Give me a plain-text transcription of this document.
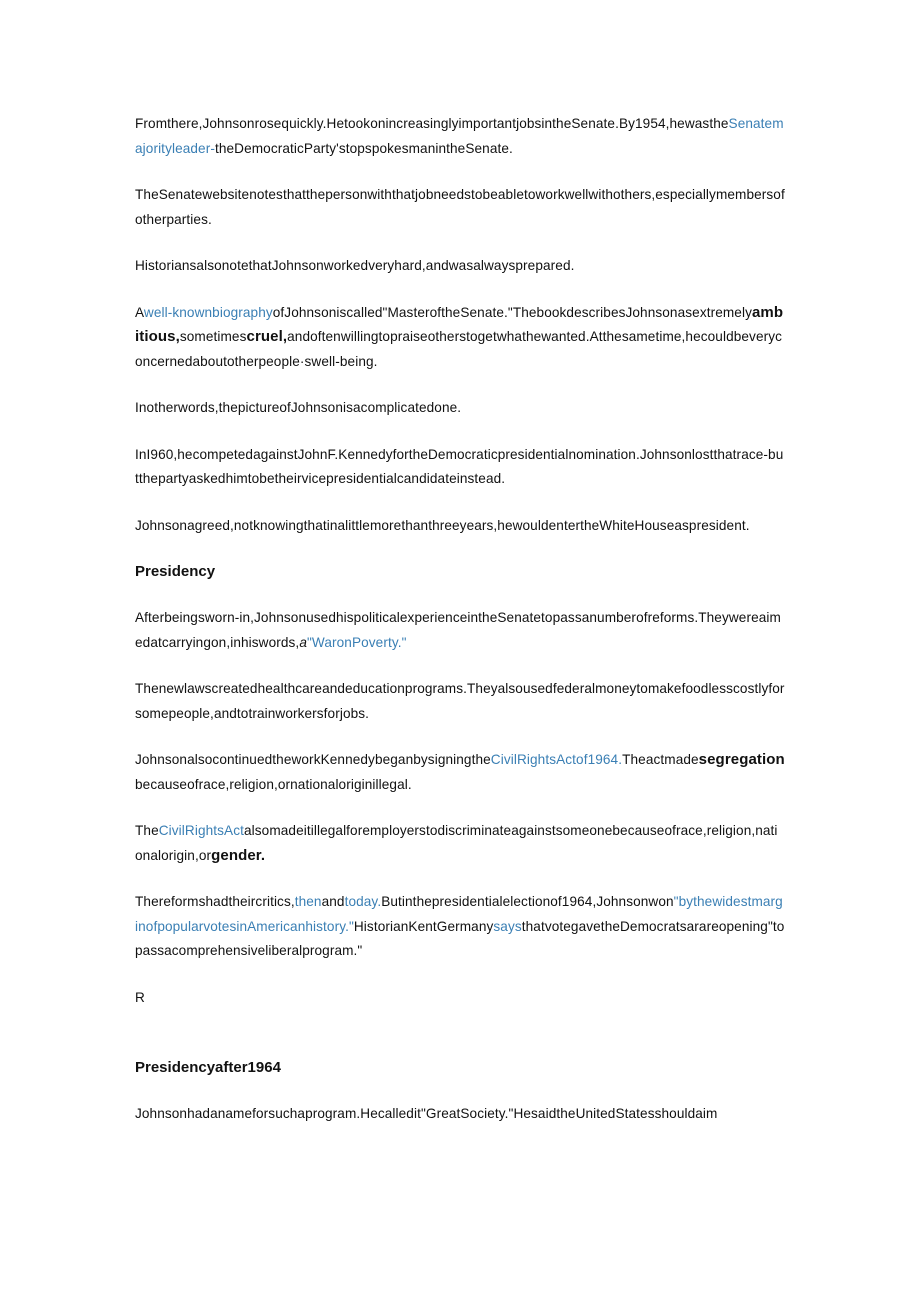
Fromthere,Johnsonrosequickly.HetookonincreasinglyimportantjobsintheSenate.By1954,hewastheSenatemajorityleader-theDemocraticParty'stopspokesmanintheSenate.

TheSenatewebsitenotesthatthepersonwiththatjobneedstobeabletoworkwellwithothers,especiallymembersofotherparties.

HistoriansalsonotethatJohnsonworkedveryhard,andwasalwaysprepared.

Awell-knownbiographyofJohnsoniscalled"MasteroftheSenate."ThebookdescribesJohnsonasextremelyambitious,sometimescruel,andoftenwillingtopraiseotherstogetwhathewanted.Atthesametime,hecouldbeveryconcernedaboutotherpeople·swell-being.

Inotherwords,thepictureofJohnsonisacomplicatedone.

InI960,hecompetedagainstJohnF.KennedyfortheDemocraticpresidentialnomination.Johnsonlostthatrace-butthepartyaskedhimtobetheirvicepresidentialcandidateinstead.

Johnsonagreed,notknowingthatinalittlemorethanthreeyears,hewouldentertheWhiteHouseaspresident.

Presidency

Afterbeingsworn-in,JohnsonusedhispoliticalexperienceintheSenatetopassanumberofreforms.Theywereaimedatcarryingon,inhiswords,a"WaronPoverty."

Thenewlawscreatedhealthcareandeducationprograms.Theyalsousedfederalmoneytomakefoodlesscostlyforsomepeople,andtotrainworkersforjobs.

JohnsonalsocontinuedtheworkKennedybeganbysigningtheCivilRightsActof1964.Theactmadesegregationbecauseofrace,religion,ornationaloriginillegal.

TheCivilRightsActalsomadeitillegalforemployerstodiscriminateagainstsomeonebecauseofrace,religion,nationalorigin,orgender.

Thereformshadtheircritics,thenandtoday.Butinthepresidentialelectionof1964,Johnsonwon"bythewidestmarginofpopularvotesinAmericanhistory."HistorianKentGermanysaysthatvotegavetheDemocratsarareopening"topassacomprehensiveliberalprogram."

R

Presidencyafter1964

Johnsonhadanameforsuchaprogram.Hecalledit"GreatSociety."HesaidtheUnitedStatesshouldaim
